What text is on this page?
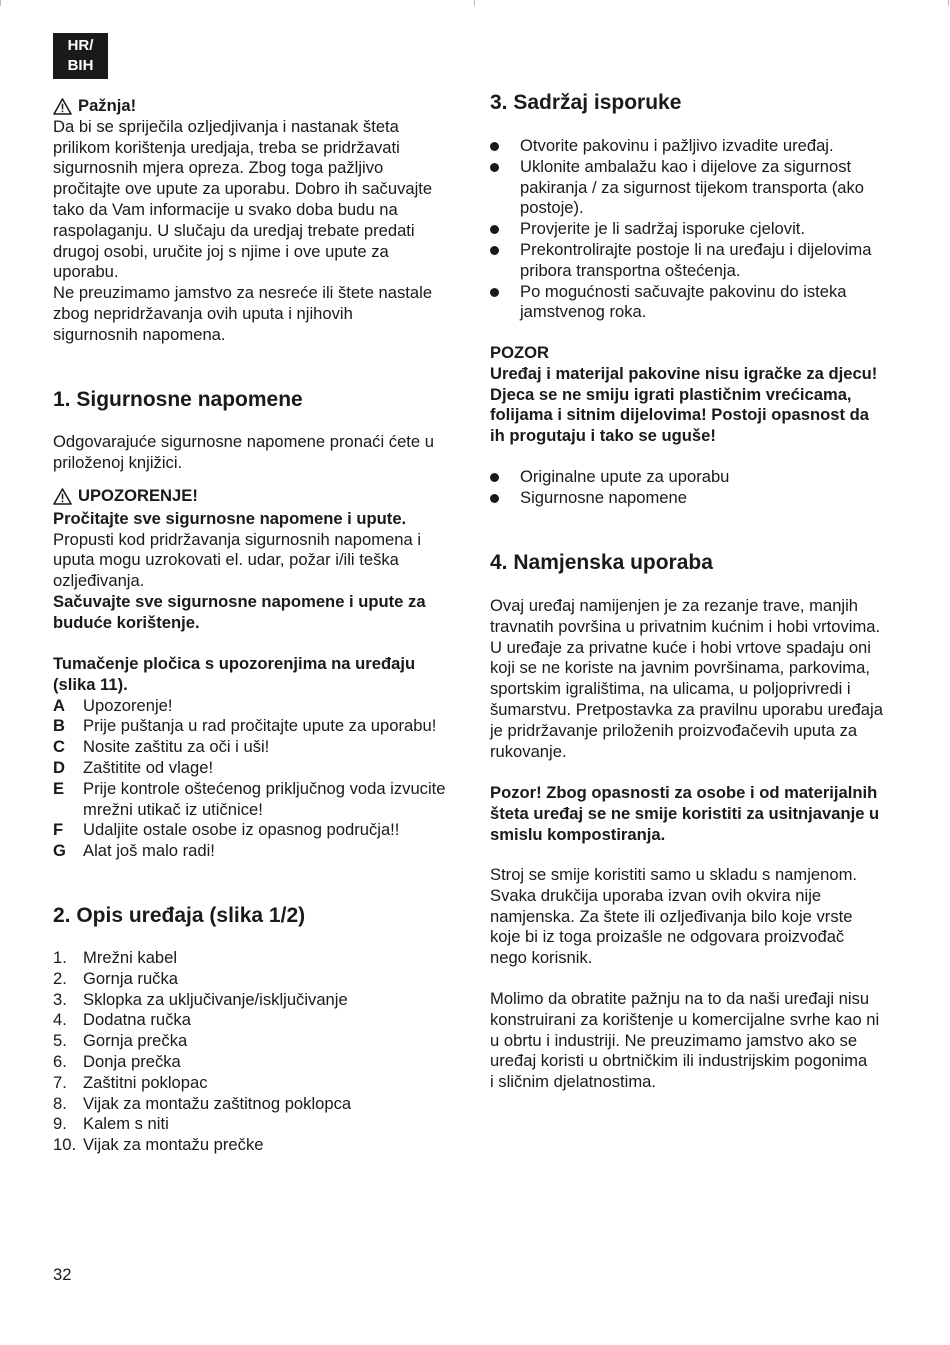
HR/
BIH
Pažnja!
Da bi se spriječila ozljedjivanja i nastanak šteta
prilikom korištenja uredjaja, treba se pridržavati
sigurnosnih mjera opreza. Zbog toga pažljivo
pročitajte ove upute za uporabu. Dobro ih sačuvajte
tako da Vam informacije u svako doba budu na
raspolaganju. U slučaju da uredjaj trebate predati
drugoj osobi, uručite joj s njime i ove upute za
uporabu.
Ne preuzimamo jamstvo za nesreće ili štete nastale
zbog nepridržavanja ovih uputa i njihovih
sigurnosnih napomena.
1. Sigurnosne napomene
Odgovarajuće sigurnosne napomene pronaći ćete u
priloženoj knjižici.
UPOZORENJE!

Pročitajte sve sigurnosne napomene i upute.

Propusti kod pridržavanja sigurnosnih napomena i
uputa mogu uzrokovati el. udar, požar i/ili teška
ozljeđivanja.
Sačuvajte sve sigurnosne napomene i upute za
buduće korištenje.
Tumačenje pločica s upozorenjima na uređaju
(slika 11).
A	Upozorenje!
B	Prije puštanja u rad pročitajte upute za uporabu!
C	Nosite zaštitu za oči i uši!
D	Zaštitite od vlage!
E	Prije kontrole oštećenog priključnog voda izvucite
mrežni utikač iz utičnice!
F	Udaljite ostale osobe iz opasnog područja!!
G	Alat još malo radi!
2. Opis uređaja (slika 1/2)
1. Mrežni kabel
2. Gornja ručka
3. Sklopka za uključivanje/isključivanje
4. Dodatna ručka
5. Gornja prečka
6. Donja prečka
7. Zaštitni poklopac
8. Vijak za montažu zaštitnog poklopca
9. Kalem s niti
10. Vijak za montažu prečke
3. Sadržaj isporuke
Otvorite pakovinu i pažljivo izvadite uređaj.
Uklonite ambalažu kao i dijelove za sigurnost
pakiranja / za sigurnost tijekom transporta (ako
postoje).
Provjerite je li sadržaj isporuke cjelovit.
Prekontrolirajte postoje li na uređaju i dijelovima
pribora transportna oštećenja.
Po mogućnosti sačuvajte pakovinu do isteka
jamstvenog roka.

POZOR

Uređaj i materijal pakovine nisu igračke za djecu!
Djeca se ne smiju igrati plastičnim vrećicama,
folijama i sitnim dijelovima! Postoji opasnost da
ih progutaju i tako se uguše!
Originalne upute za uporabu
Sigurnosne napomene
4. Namjenska uporaba
Ovaj uređaj namijenjen je za rezanje trave, manjih
travnatih površina u privatnim kućnim i hobi vrtovima.
U uređaje za privatne kuće i hobi vrtove spadaju oni
koji se ne koriste na javnim površinama, parkovima,
sportskim igralištima, na ulicama, u poljoprivredi i
šumarstvu. Pretpostavka za pravilnu uporabu uređaja
je pridržavanje priloženih proizvođačevih uputa za
rukovanje.
Pozor! Zbog opasnosti za osobe i od materijalnih
šteta uređaj se ne smije koristiti za usitnjavanje u
smislu kompostiranja.
Stroj se smije koristiti samo u skladu s namjenom.
Svaka drukčija uporaba izvan ovih okvira nije
namjenska. Za štete ili ozljeđivanja bilo koje vrste
koje bi iz toga proizašle ne odgovara proizvođač
nego korisnik.
Molimo da obratite pažnju na to da naši uređaji nisu
konstruirani za korištenje u komercijalne svrhe kao ni
u obrtu i industriji. Ne preuzimamo jamstvo ako se
uređaj koristi u obrtničkim ili industrijskim pogonima
i sličnim djelatnostima.
32
